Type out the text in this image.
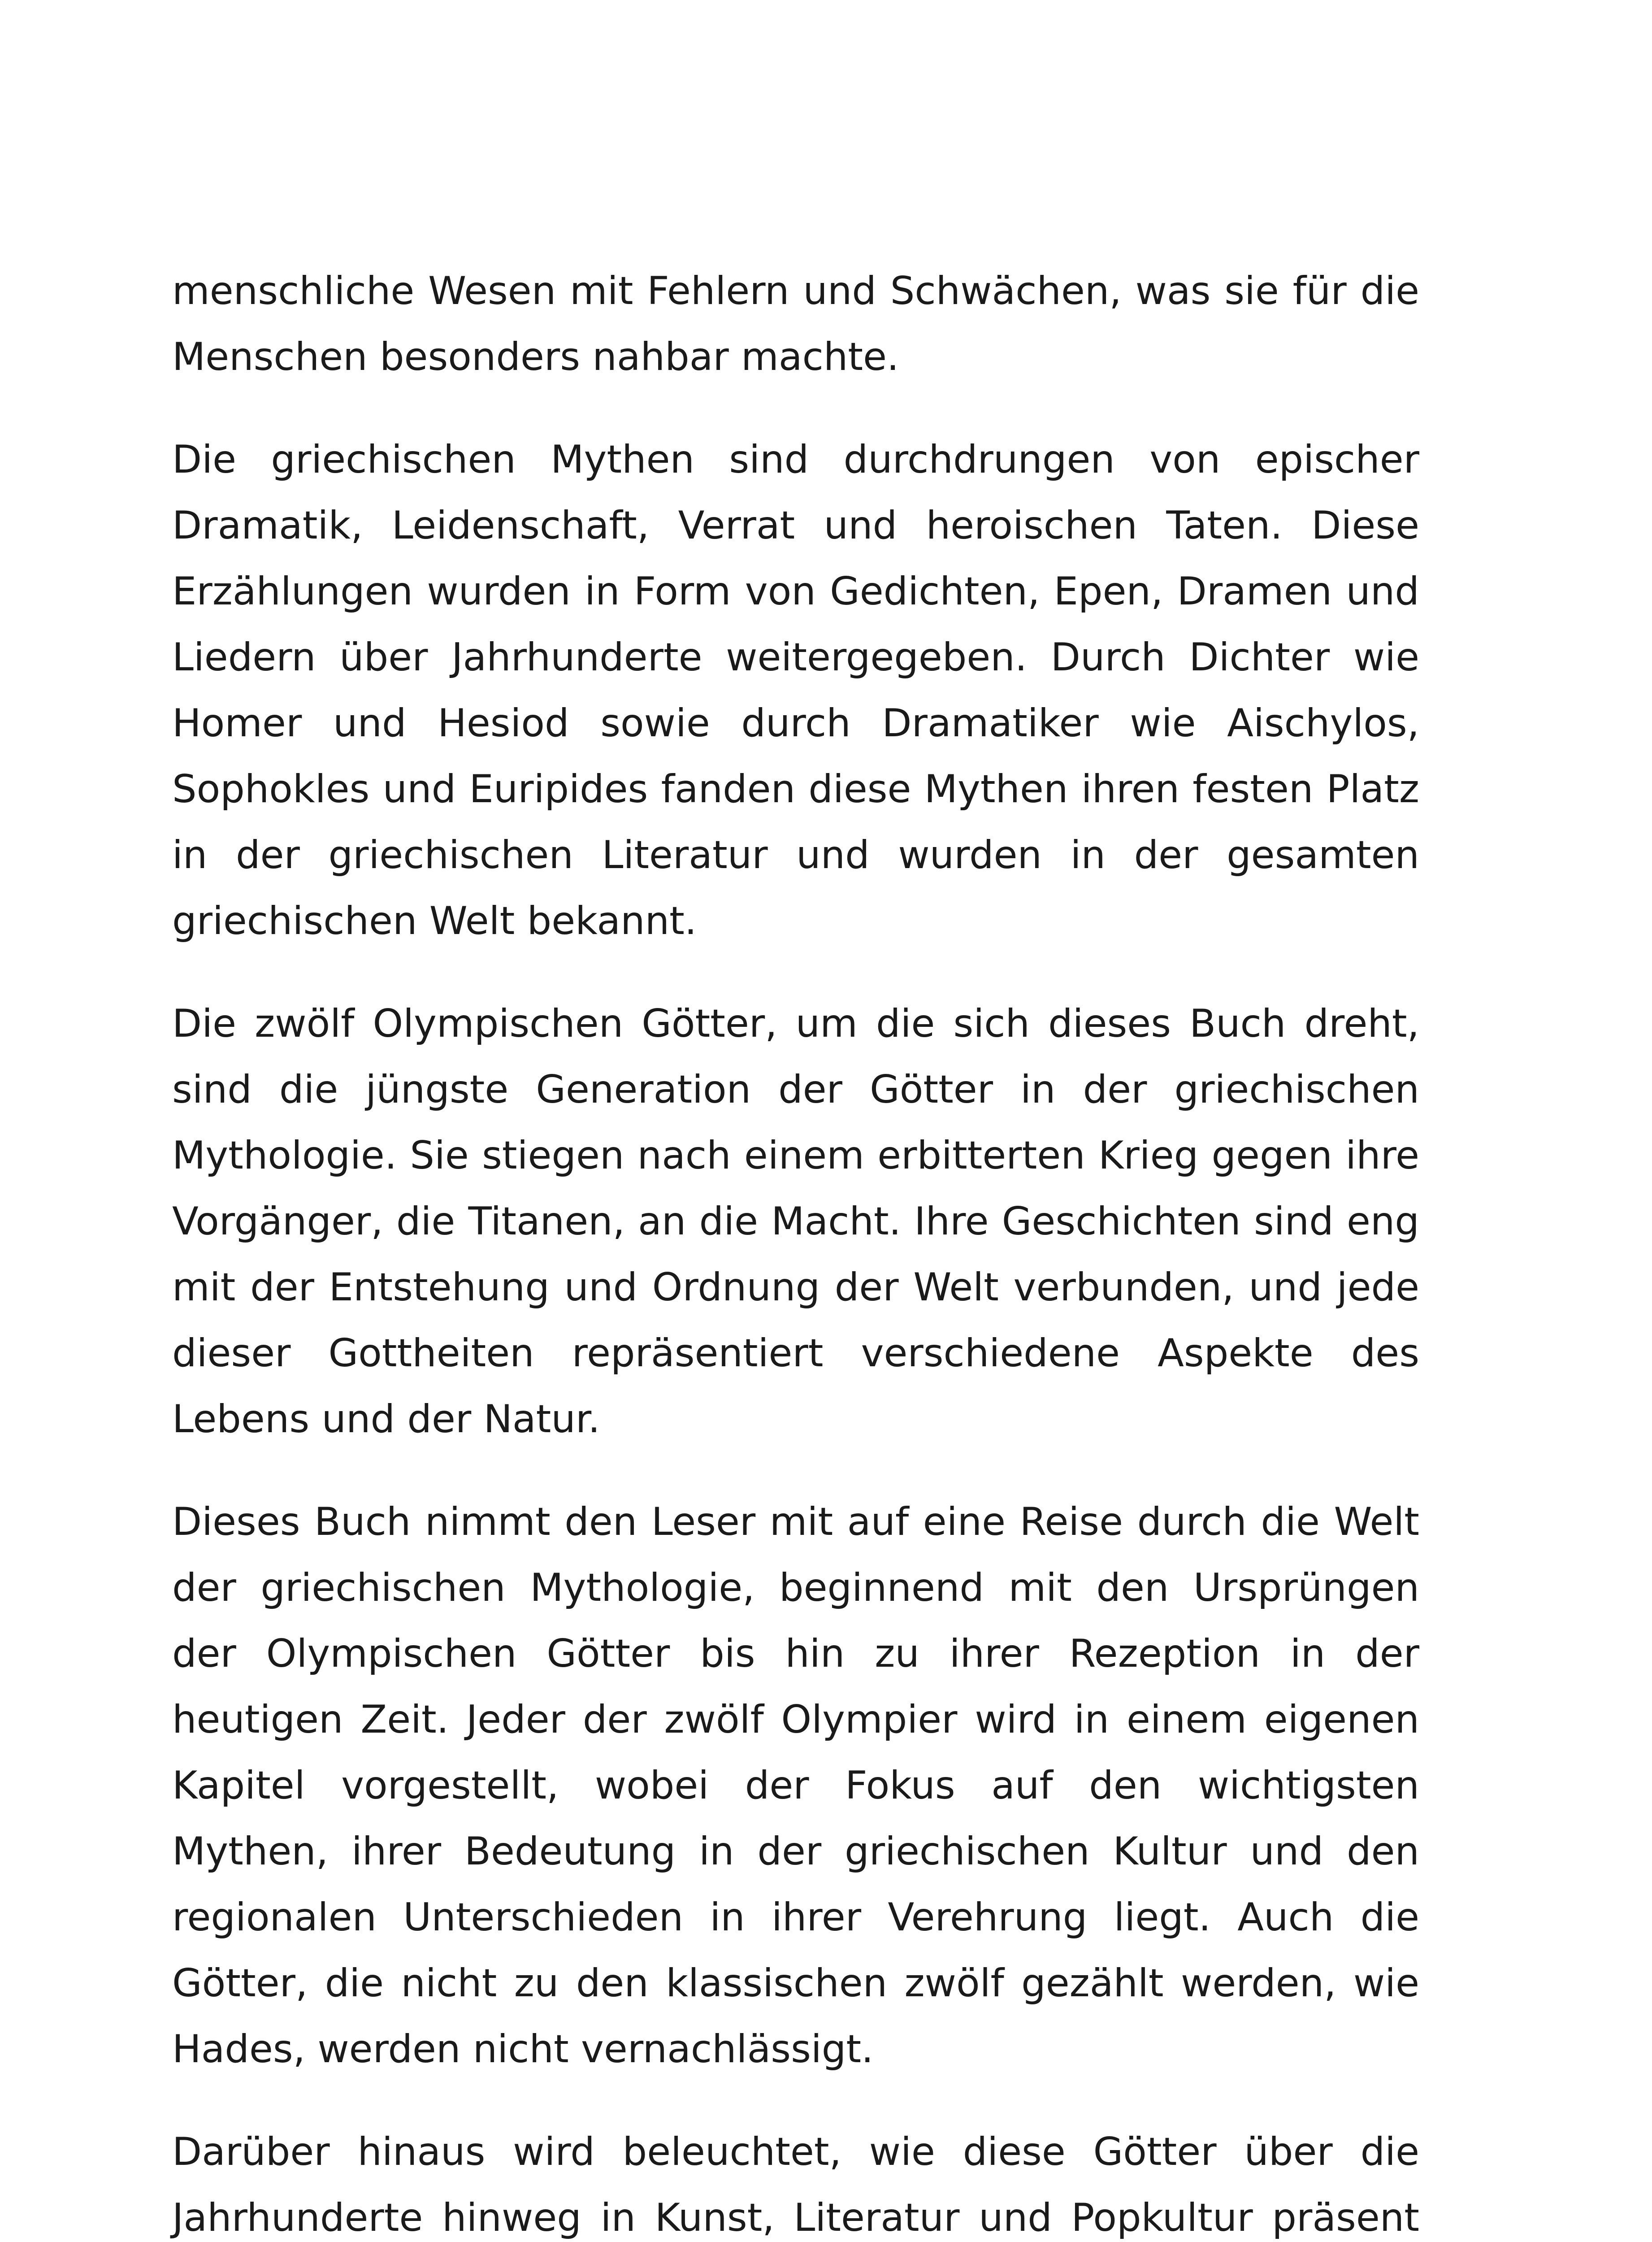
menschliche Wesen mit Fehlern und Schwächen, was sie für die Menschen besonders nahbar machte.

Die griechischen Mythen sind durchdrungen von epischer Dramatik, Leidenschaft, Verrat und heroischen Taten. Diese Erzählungen wurden in Form von Gedichten, Epen, Dramen und Liedern über Jahrhunderte weitergegeben. Durch Dichter wie Homer und Hesiod sowie durch Dramatiker wie Aischylos, Sophokles und Euripides fanden diese Mythen ihren festen Platz in der griechischen Literatur und wurden in der gesamten griechischen Welt bekannt.

Die zwölf Olympischen Götter, um die sich dieses Buch dreht, sind die jüngste Generation der Götter in der griechischen Mythologie. Sie stiegen nach einem erbitterten Krieg gegen ihre Vorgänger, die Titanen, an die Macht. Ihre Geschichten sind eng mit der Entstehung und Ordnung der Welt verbunden, und jede dieser Gottheiten repräsentiert verschiedene Aspekte des Lebens und der Natur.

Dieses Buch nimmt den Leser mit auf eine Reise durch die Welt der griechischen Mythologie, beginnend mit den Ursprüngen der Olympischen Götter bis hin zu ihrer Rezeption in der heutigen Zeit. Jeder der zwölf Olympier wird in einem eigenen Kapitel vorgestellt, wobei der Fokus auf den wichtigsten Mythen, ihrer Bedeutung in der griechischen Kultur und den regionalen Unterschieden in ihrer Verehrung liegt. Auch die Götter, die nicht zu den klassischen zwölf gezählt werden, wie Hades, werden nicht vernachlässigt.

Darüber hinaus wird beleuchtet, wie diese Götter über die Jahrhunderte hinweg in Kunst, Literatur und Popkultur präsent
